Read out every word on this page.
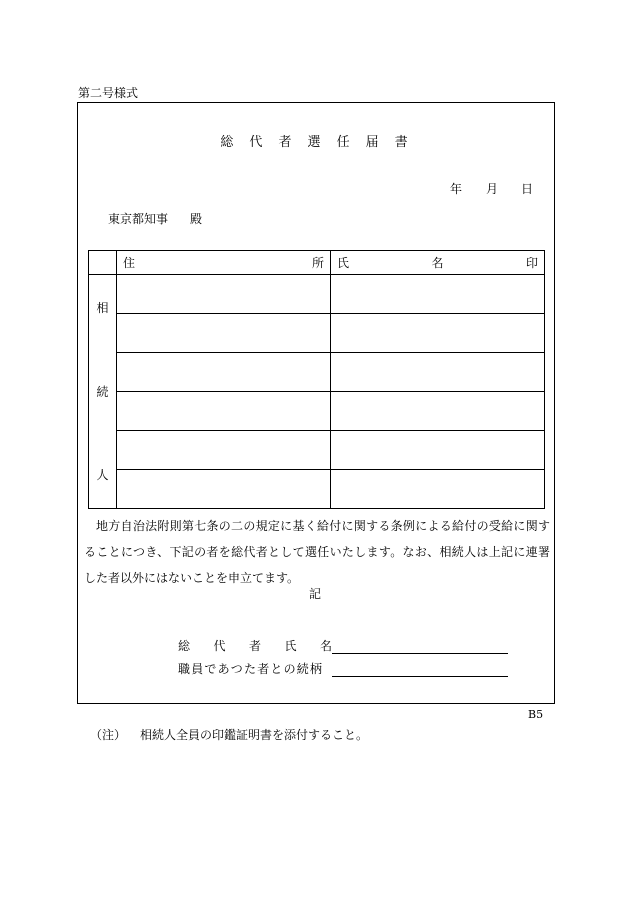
第二号様式
総 代 者 選 任 届 書
年 月 日
東京都知事 殿

	住 所	氏 名 印

相
続
人		

地方自治法附則第七条の二の規定に基く給付に関する条例による給付の受給に関することにつき、下記の者を総代者として選任いたします。なお、相続人は上記に連署した者以外にはないことを申立てます。
記
総 代 者 氏 名
職員であつた者との続柄
B5
（注） 相続人全員の印鑑証明書を添付すること。
